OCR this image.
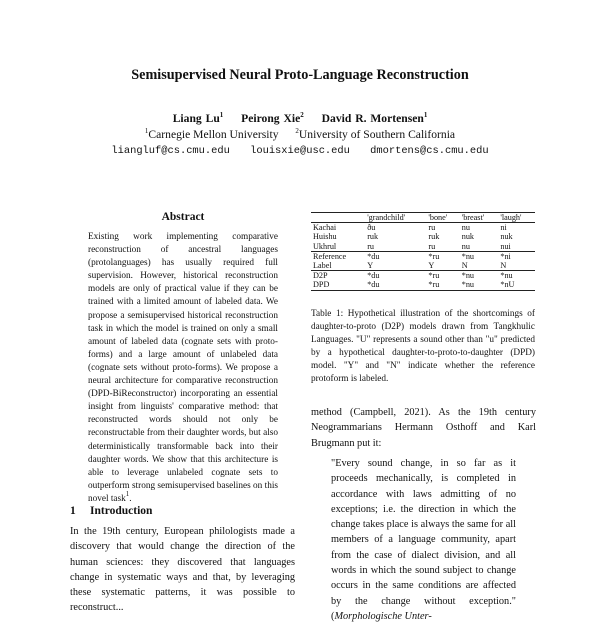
Semisupervised Neural Proto-Language Reconstruction
Liang Lu$^1$ Peirong Xie$^2$ David R. Mortensen$^1$
$^1$Carnegie Mellon University $^2$University of Southern California
liangluf@cs.cmu.edu louisxie@usc.edu dmortens@cs.cmu.edu
Abstract

Existing work implementing comparative reconstruction of ancestral languages (protolanguages) has usually required full supervision. However, historical reconstruction models are only of practical value if they can be trained with a limited amount of labeled data. We propose a semisupervised historical reconstruction task in which the model is trained on only a small amount of labeled data (cognate sets with proto-forms) and a large amount of unlabeled data (cognate sets without proto-forms). We propose a neural architecture for comparative reconstruction (DPD-BiReconstructor) incorporating an essential insight from linguists' comparative method: that reconstructed words should not only be reconstructable from their daughter words, but also deterministically transformable back into their daughter words. We show that this architecture is able to leverage unlabeled cognate sets to outperform strong semisupervised baselines on this novel task$^1$.

1 Introduction

In the 19th century, European philologists made a discovery that would change the direction of the human sciences: they discovered that languages change in systematic ways and that, by leveraging these systematic patterns, it was possible to reconstruct...

	'grandchild'	'bone'	'breast'	'laugh'
Kachai	ðu	ru	nu	ni
Huishu	ruk	ruk	nuk	nuk
Ukhrul	ru	ru	nu	nui
Reference	*du	*ru	*nu	*ni
Label	Y	Y	N	N
D2P	*du	*ru	*nu	*nu
DPD	*du	*ru	*nu	*nU

Table 1: Hypothetical illustration of the shortcomings of daughter-to-proto (D2P) models drawn from Tangkhulic Languages. "U" represents a sound other than "u" predicted by a hypothetical daughter-to-proto-to-daughter (DPD) model. "Y" and "N" indicate whether the reference protoform is labeled.

method (Campbell, 2021). As the 19th century Neogrammarians Hermann Osthoff and Karl Brugmann put it:

"Every sound change, in so far as it proceeds mechanically, is completed in accordance with laws admitting of no exceptions; i.e. the direction in which the change takes place is always the same for all members of a language community, apart from the case of dialect division, and all words in which the sound subject to change occurs in the same conditions are affected by the change without exception." (Morphologische Unter-
